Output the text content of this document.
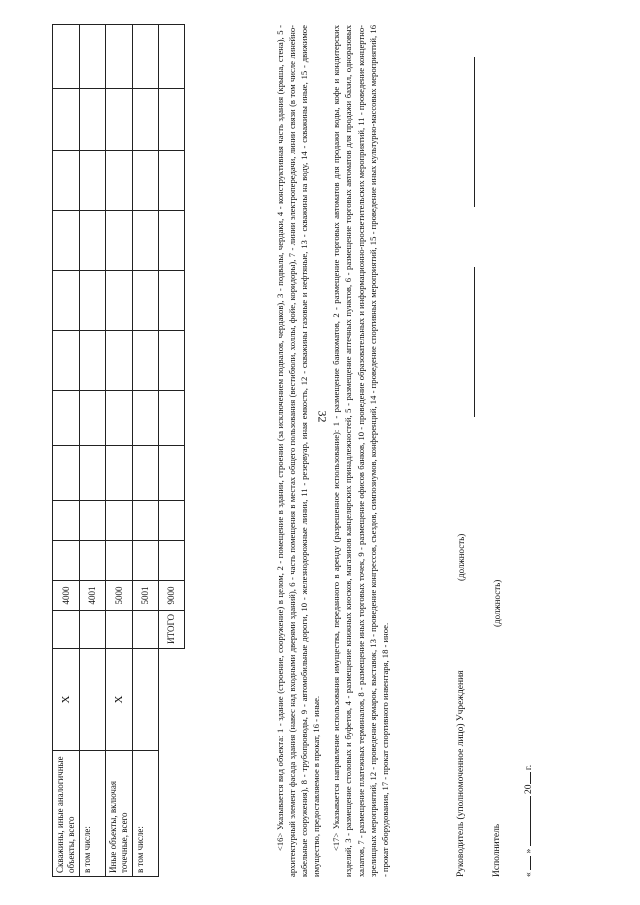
32
Скважины, иные аналогичные объекты, всего	X		4000										
в том числе:			4001										
Иные объекты, включая точечные, всего	X		5000										
в том числе:			5001										
		ИТОГО	9000											<16> Указывается вид объекта: 1 - здание (строение, сооружение) в целом, 2 - помещение в здании, строении (за исключением подвалов, чердаков), 3 - подвалы, чердаки, 4 - конструктивная часть здания (крыша, стена), 5 - архитектурный элемент фасада здания (навес над входными дверями зданий), 6 - часть помещения в местах общего пользования (вестибюли, холлы, фойе, коридоры), 7 - линии электропередачи, линии связи (в том числе линейно-кабельные сооружения), 8 - трубопроводы, 9 - автомобильные дороги, 10 - железнодорожные линии, 11 - резервуар, иная емкость, 12 - скважины газовые и нефтяные, 13 - скважины на воду, 14 - скважины иные, 15 - движимое имущество, предоставляемое в прокат, 16 - иные. <17> Указывается направление использования имущества, переданного в аренду (разрешенное использование): 1 - размещение банкоматов, 2 - размещение торговых автоматов для продажи воды, кофе и кондитерских изделий, 3 - размещение столовых и буфетов, 4 - размещение книжных киосков, магазинов канцелярских принадлежностей, 5 - размещение аптечных пунктов, 6 - размещение торговых автоматов для продажи бахил, одноразовых халатов, 7 - размещение платежных терминалов, 8 - размещение иных торговых точек, 9 - размещение офисов банков, 10 - проведение образовательных и информационно-просветительских мероприятий, 11 - проведение концертно-зрелищных мероприятий, 12 - проведение ярмарок, выставок, 13 - проведение конгрессов, съездов, симпозиумов, конференций, 14 - проведение спортивных мероприятий, 15 - проведение иных культурно-массовых мероприятий, 16 - прокат оборудования, 17 - прокат спортивного инвентаря, 18 - иное.	Руководитель (уполномоченное лицо) Учреждения
(должность)
Исполнитель
(должность)
«  »  20 г.
